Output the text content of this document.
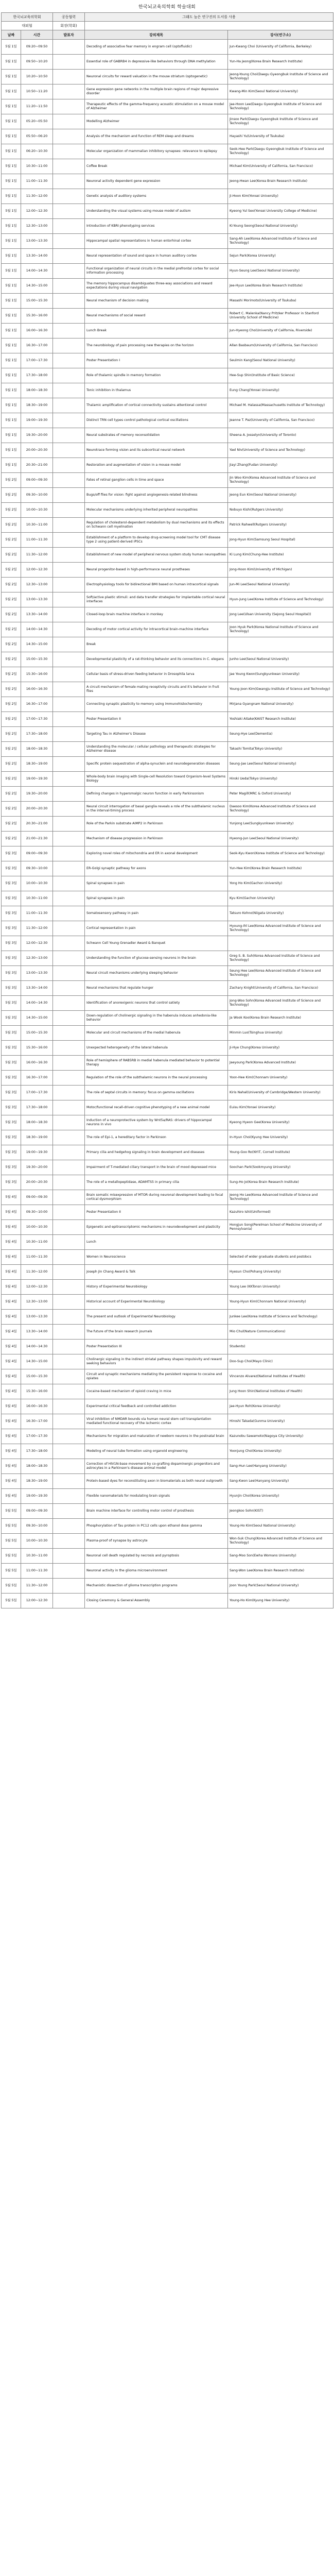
한국뇌교육의학회 학술대회
한국뇌교육의학회		공동협력	그래도 높은 연구진의 도서를 사용	
대외협		회장(학회)		
날짜	시간	발표자	강의제목	강사(연구소)
5월 1일	09:20~09:50		Decoding of associative fear memory in engram cell (optofluidic)	Jun-Kwang Choi (University of California, Berkeley)
5월 1일	09:50~10:20		Essential role of GABRB4 in depressive-like behaviors through DNA methylation	Yun-Ha Jeong(Korea Brain Research Institute)
5월 1일	10:20~10:50		Neuronal circuits for reward valuation in the mouse striatum (optogenetic)	Jeong-Young Choi(Daegu Gyeongbuk Institute of Science and Technology)
5월 1일	10:50~11:20		Gene expression gene networks in the multiple brain regions of major depressive disorder	Kwang-Min Kim(Seoul National University)
5월 1일	11:20~11:50		Therapeutic effects of the gamma-frequency acoustic stimulation on a mouse model of Alzheimer	Jae-Hoon Lee(Daegu Gyeongbuk Institute of Science and Technology)
5월 1일	05:20~05:50		Modelling Alzheimer	Jinsoo Park(Daegu Gyeongbuk Institute of Science and Technology)
5월 1일	05:50~06:20		Analysis of the mechanism and function of REM sleep and dreams	Hayashi Yu(University of Tsukuba)
5월 1일	06:20~10:30		Molecular organization of mammalian inhibitory synapses: relevance to epilepsy	Seok-Hee Park(Daegu Gyeongbuk Institute of Science and Technology)
5월 1일	10:30~11:00		Coffee Break	Michael Kim(University of California, San Francisco)
5월 1일	11:00~11:30		Neuronal activity dependent gene expression	Jeong-Hwan Lee(Korea Brain Research Institute)
5월 1일	11:30~12:00		Genetic analysis of auditory systems	Ji-Hoon Kim(Yonsei University)
5월 1일	12:00~12:30		Understanding the visual systems using mouse model of autism	Kyeong Yul Seo(Yonsei University College of Medicine)
5월 1일	12:30~13:00		Introduction of KBRI phenotyping services	Ki-Young Seong(Seoul National University)
5월 1일	13:00~13:30		Hippocampal spatial representations in human entorhinal cortex	Sang-Ah Lee(Korea Advanced Institute of Science and Technology)
5월 1일	13:30~14:00		Neural representation of sound and space in human auditory cortex	Sejun Park(Korea University)
5월 1일	14:00~14:30		Functional organization of neural circuits in the medial prefrontal cortex for social information processing	Hyun-Seung Lee(Seoul National University)
5월 1일	14:30~15:00		The memory hippocampus disambiguates three-way associations and reward expectations during visual navigation	Jee-Hyun Lee(Korea Brain Research Institute)
5월 1일	15:00~15:30		Neural mechanism of decision making	Masashi Morimoto(University of Tsukuba)
5월 1일	15:30~16:00		Neural mechanisms of social reward	Robert C. Malenka(Nancy Pritzker Professor in Stanford University School of Medicine)
5월 1일	16:00~16:30		Lunch Break	Jun-Hyeong Cho(University of California, Riverside)
5월 1일	16:30~17:00		The neurobiology of pain processing new therapies on the horizon	Allan Basbaum(University of California, San Francisco)
5월 1일	17:00~17:30		Poster Presentation I	Seulmin Kang(Seoul National University)
5월 1일	17:30~18:00		Role of thalamic spindle in memory formation	Hee-Sup Shin(Institute of Basic Science)
5월 1일	18:00~18:30		Tonic inhibition in thalamus	Eung Chang(Yonsei University)
5월 1일	18:30~19:00		Thalamic amplification of cortical connectivity sustains attentional control	Michael M. Halassa(Massachusetts Institute of Technology)
5월 1일	19:00~19:30		Distinct TRN cell types control pathological cortical oscillations	Jeanne T. Paz(University of California, San Francisco)
5월 1일	19:30~20:00		Neural substrates of memory reconsolidation	Sheena A. Josselyn(University of Toronto)
5월 1일	20:00~20:30		Neurotrace forming vision and its subcortical neural network	Yael Niv(University of Science and Technology)
5월 1일	20:30~21:00		Restoration and augmentation of vision in a mouse model	Jiayi Zhang(Fudan University)
5월 2일	09:00~09:30		Fates of retinal ganglion cells in time and space	Jin Woo Kim(Korea Advanced Institute of Science and Technology)
5월 2일	09:30~10:00		Bugs/off flies for vision: fight against angiogenesis-related blindness	Jeong Eun Kim(Seoul National University)
5월 2일	10:00~10:30		Molecular mechanisms underlying inherited peripheral neuropathies	Nobuyo Kishi(Rutgers University)
5월 2일	10:30~11:00		Regulation of cholesterol-dependent metabolism by dual mechanisms and its effects on Schwann cell myelination	Patrick Rahwell(Rutgers University)
5월 2일	11:00~11:30		Establishment of a platform to develop drug-screening model tool for CMT disease type 2 using patient-derived iPSCs	Jong-Hyun Kim(Samsung Seoul Hospital)
5월 2일	11:30~12:00		Establishment of new model of peripheral nervous system study human neuropathies	Ki Lung Kim(Chung-Hee Institute)
5월 2일	12:00~12:30		Neural progenitor-based in high-performance neural prostheses	Jong-Hoon Kim(University of Michigan)
5월 2일	12:30~13:00		Electrophysiology tools for bidirectional BMI based on human intracortical signals	Jun-Mi Lee(Seoul National University)
5월 2일	13:00~13:30		Soft/active plastic stimuli: and data transfer strategies for implantable cortical neural interfaces	Hyun-Jung Lee(Korea Institute of Science and Technology)
5월 2일	13:30~14:00		Closed-loop brain machine interface in monkey	Jong Lee(Ulsan University (Sejong Seoul Hospital))
5월 2일	14:00~14:30		Decoding of motor cortical activity for intracortical brain-machine interface	Joon Hyuk Park(Korea National Institute of Science and Technology)
5월 2일	14:30~15:00		Break	
5월 2일	15:00~15:30		Developmental plasticity of a rat-thinking behavior and its connections in C. elegans	Junho Lee(Seoul National University)
5월 2일	15:30~16:00		Cellular basis of stress-driven feeding behavior in Drosophila larva	Jae Young Kwon(Sungkyunkwan University)
5월 2일	16:00~16:30		A circuit mechanism of female mating receptivity circuits and it's behavior in fruit flies	Young-Joon Kim(Gwangju Institute of Science and Technology)
5월 2일	16:30~17:00		Connecting synaptic plasticity to memory using immunohistochemistry	Mirjana Gyangnam National University)
5월 2일	17:00~17:30		Poster Presentation II	Yoshiaki Aitake(KAIST Research Institute)
5월 2일	17:30~18:00		Targeting Tau in Alzheimer's Disease	Seung-Hye Lee(Dementia)
5월 2일	18:00~18:30		Understanding the molecular / cellular pathology and therapeutic strategies for Alzheimer disease	Takashi Tomita(Tokyo University)
5월 2일	18:30~19:00		Specific protein sequestration of alpha-synuclein and neurodegeneration diseases	Seung-Jae Lee(Seoul National University)
5월 2일	19:00~19:30		Whole-body brain imaging with Single-cell Resolution toward Organism-level Systems Biology	Hiroki Ueda(Tokyo University)
5월 2일	19:30~20:00		Defining changes in hypersmalgic neuron function in early Parkinsonism	Peter Magill(MRC & Oxford University)
5월 2일	20:00~20:30		Neural circuit interrogation of basal ganglia reveals a role of the subthalamic nucleus in the interval-timing process	Daesoo Kim(Korea Advanced Institute of Science and Technology)
5월 2일	20:30~21:00		Role of the Parkin substrate AIMP2 in Parkinson	Yunjong Lee(Sungkyunkwan University)
5월 2일	21:00~21:30		Mechanism of disease progression in Parkinson	Hyeong-Jun Lee(Seoul National University)
5월 3일	09:00~09:30		Exploring novel roles of mitochondria and ER in axonal development	Seok-Kyu Kwon(Korea Institute of Science and Technology)
5월 3일	09:30~10:00		ER-Golgi synaptic pathway for axons	Yun-Hee Kim(Korea Brain Research Institute)
5월 3일	10:00~10:30		Spinal synapses in pain	Yong Ho Kim(Gachon University)
5월 3일	10:30~11:00		Spinal synapses in pain	Kyu Kim(Gachon University)
5월 3일	11:00~11:30		Somatosensory pathway in pain	Tatsuro Kohno(Niigata University)
5월 3일	11:30~12:00		Cortical representation in pain	Hyoung-Ihl Lee(Korea Advanced Institute of Science and Technology)
5월 3일	12:00~12:30		Schwann Cell Young Grenadier Award & Banquet	
5월 3일	12:30~13:00		Understanding the function of glucose-sensing neurons in the brain	Greg S. B. Suh(Korea Advanced Institute of Science and Technology)
5월 3일	13:00~13:30		Neural circuit mechanisms underlying sleeping behavior	Seung Hee Lee(Korea Advanced Institute of Science and Technology)
5월 3일	13:30~14:00		Neural mechanisms that regulate hunger	Zachary Knight(University of California, San Francisco)
5월 3일	14:00~14:30		Identification of anorexigenic neurons that control satiety	Jong-Woo Sohn(Korea Advanced Institute of Science and Technology)
5월 3일	14:30~15:00		Down-regulation of cholinergic signaling in the habenula induces anhedonia-like behavior	Ja Wook Koo(Korea Brain Research Institute)
5월 3일	15:00~15:30		Molecular and circuit mechanisms of the medial habenula	Minmin Luo(Tsinghua University)
5월 3일	15:30~16:00		Unexpected heterogeneity of the lateral habenula	Ji-Hye Chung(Korea University)
5월 3일	16:00~16:30		Role of hemisphere of RAB5RB in medial habenula mediated behavior to potential therapy	Jaeyoung Park(Korea Advanced Institute)
5월 3일	16:30~17:00		Regulation of the role of the subthalamic neurons in the neural processing	Yoon-Hee Kim(Chonnam University)
5월 3일	17:00~17:30		The role of septal circuits in memory: focus on gamma oscillations	Kiris Nahal(University of Cambridge/Western University)
5월 3일	17:30~18:00		Motor/functional recall-driven cognitive phenotyping of a new animal model	Euisu Kim(Yonsei University)
5월 3일	18:00~18:30		Induction of a neuroprotective system by Wnt5a/RAS: drivers of hippocampal neurons in vivo	Kyeong Hyeon Gee(Korea University)
5월 3일	18:30~19:00		The role of Epi-1, a hereditary factor in Parkinson	In-Hyun Choi(Kyung Hee University)
5월 3일	19:00~19:30		Primary cilia and hedgehog signaling in brain development and diseases	Young-Goo Ro(NYIT, Cornell Institute)
5월 3일	19:30~20:00		Impairment of T-mediated ciliary transport in the brain of mood depressed mice	Soochan Park(Sookmyung University)
5월 3일	20:00~20:30		The role of a metallopeptidase, ADAMTS5 in primary cilia	Sung-Ho Jo(Korea Brain Research Institute)
5월 4일	09:00~09:30		Brain somatic misexpression of MTOR during neuronal development leading to focal cortical dysmorphism	Jeong Ho Lee(Korea Advanced Institute of Science and Technology)
5월 4일	09:30~10:00		Poster Presentation II	Kazuhiro Ishii(Uniformed)
5월 4일	10:00~10:30		Epigenetic and epitranscriptomic mechanisms in neurodevelopment and plasticity	Hongjun Song(Perelman School of Medicine University of Pennsylvania)
5월 4일	10:30~11:00		Lunch	
5월 4일	11:00~11:30		Women in Neuroscience	Selected of wider graduate students and postdocs
5월 4일	11:30~12:00		Joseph Jin Chang Award & Talk	Hyesun Cho(Pohang University)
5월 4일	12:00~12:30		History of Experimental Neurobiology	Young Lee (KKTonsn University)
5월 4일	12:30~13:00		Historical account of Experimental Neurobiology	Young-Hyun Kim(Chonnam National University)
5월 4일	13:00~13:30		The present and outlook of Experimental Neurobiology	Junkee Lee(Korea Institute of Science and Technology)
5월 4일	13:30~14:00		The future of the brain research journals	Mio Chul(Nature Communications)
5월 4일	14:00~14:30		Poster Presentation III	Students)
5월 4일	14:30~15:00		Cholinergic signaling in the indirect striatal pathway shapes impulsivity and reward seeking behaviors	Doo-Sup Choi(Mayo Clinic)
5월 4일	15:00~15:30		Circuit and synaptic mechanisms mediating the persistent response to cocaine and opiates	Vincenzo Alvarez(National Institutes of Health)
5월 4일	15:30~16:00		Cocaine-based mechanism of opioid craving in mice	Jung Hoon Shin(National Institutes of Health)
5월 4일	16:00~16:30		Experimental critical feedback and controlled addiction	Jae-Hyun Roh(Korea University)
5월 4일	16:30~17:00		Viral inhibition of NMDAR bounds via human neural stem cell transplantation mediated functional recovery of the ischemic cortex	Hiroshi Takada(Gunma University)
5월 4일	17:00~17:30		Mechanisms for migration and maturation of newborn neurons in the postnatal brain	Kazunobu Sawamoto(Nagoya City University)
5월 4일	17:30~18:00		Modeling of neural tube formation using organoid engineering	Yoonjung Choi(Korea University)
5월 4일	18:00~18:30		Correction of HIV1N-base movement by co-grafting dopaminergic progenitors and astrocytes in a Parkinson's disease animal model	Sang-Hun Lee(Hanyang University)
5월 4일	18:30~19:00		Protein-based dyes for reconstituting axon in biomaterials as both neural outgrowth	Sang-Kwon Lee(Hanyang University)
5월 4일	19:00~19:30		Flexible nanomaterials for modulating brain signals	Hyunjin Choi(Korea University)
5월 5일	09:00~09:30		Brain machine interface for controlling motor control of prosthesis	Jeongkoo Sohn(KIST)
5월 5일	09:30~10:00		Phosphorylation of Tau protein in PC12 cells upon ethanol dose gamma	Young-Ho Kim(Seoul National University)
5월 5일	10:00~10:30		Plasma-proof of synapse by astrocyte	Won-Suk Chung(Korea Advanced Institute of Science and Technology)
5월 5일	10:30~11:00		Neuronal cell death regulated by necrosis and pyroptosis	Sang-Moo Son(Ewha Womans University)
5월 5일	11:00~11:30		Neuronal activity in the glioma microenvironment	Sang-Won Lee(Korea Brain Research Institute)
5월 5일	11:30~12:00		Mechanistic dissection of glioma transcription programs	Joon Young Park(Seoul National University)
5월 5일	12:00~12:30		Closing Ceremony & General Assembly	Young-Ho Kim(Kyung Hee University)
